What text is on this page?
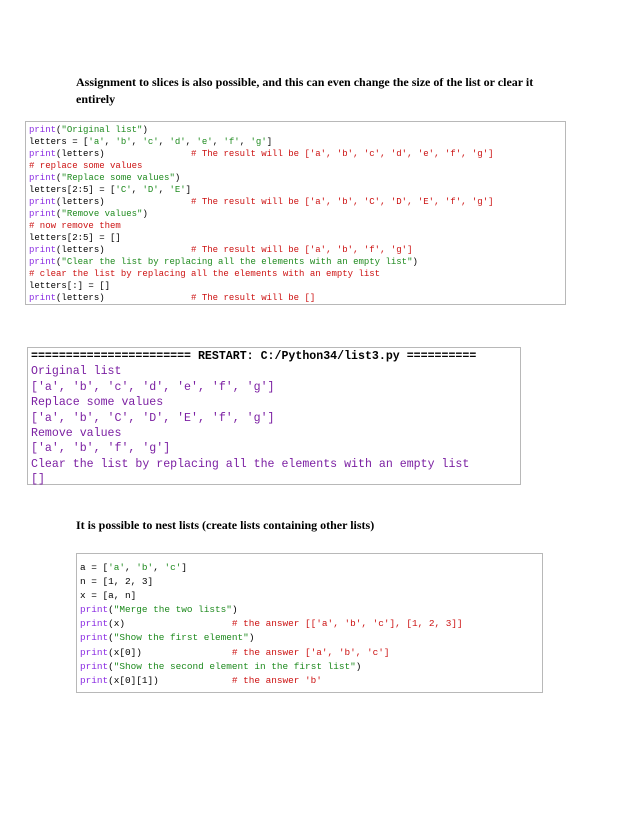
Assignment to slices is also possible, and this can even change the size of the list or clear it entirely
print("Original list")
letters = ['a', 'b', 'c', 'd', 'e', 'f', 'g']
print(letters)                # The result will be ['a', 'b', 'c', 'd', 'e', 'f', 'g']
# replace some values
print("Replace some values")
letters[2:5] = ['C', 'D', 'E']
print(letters)                # The result will be ['a', 'b', 'C', 'D', 'E', 'f', 'g']
print("Remove values")
# now remove them
letters[2:5] = []
print(letters)                # The result will be ['a', 'b', 'f', 'g']
print("Clear the list by replacing all the elements with an empty list")
# clear the list by replacing all the elements with an empty list
letters[:] = []
print(letters)                # The result will be []
======================= RESTART: C:/Python34/list3.py ==========
Original list
['a', 'b', 'c', 'd', 'e', 'f', 'g']
Replace some values
['a', 'b', 'C', 'D', 'E', 'f', 'g']
Remove values
['a', 'b', 'f', 'g']
Clear the list by replacing all the elements with an empty list
[]
It is possible to nest lists (create lists containing other lists)
a = ['a', 'b', 'c']
n = [1, 2, 3]
x = [a, n]
print("Merge the two lists")
print(x)                   # the answer [['a', 'b', 'c'], [1, 2, 3]]
print("Show the first element")
print(x[0])                # the answer ['a', 'b', 'c']
print("Show the second element in the first list")
print(x[0][1])             # the answer 'b'
